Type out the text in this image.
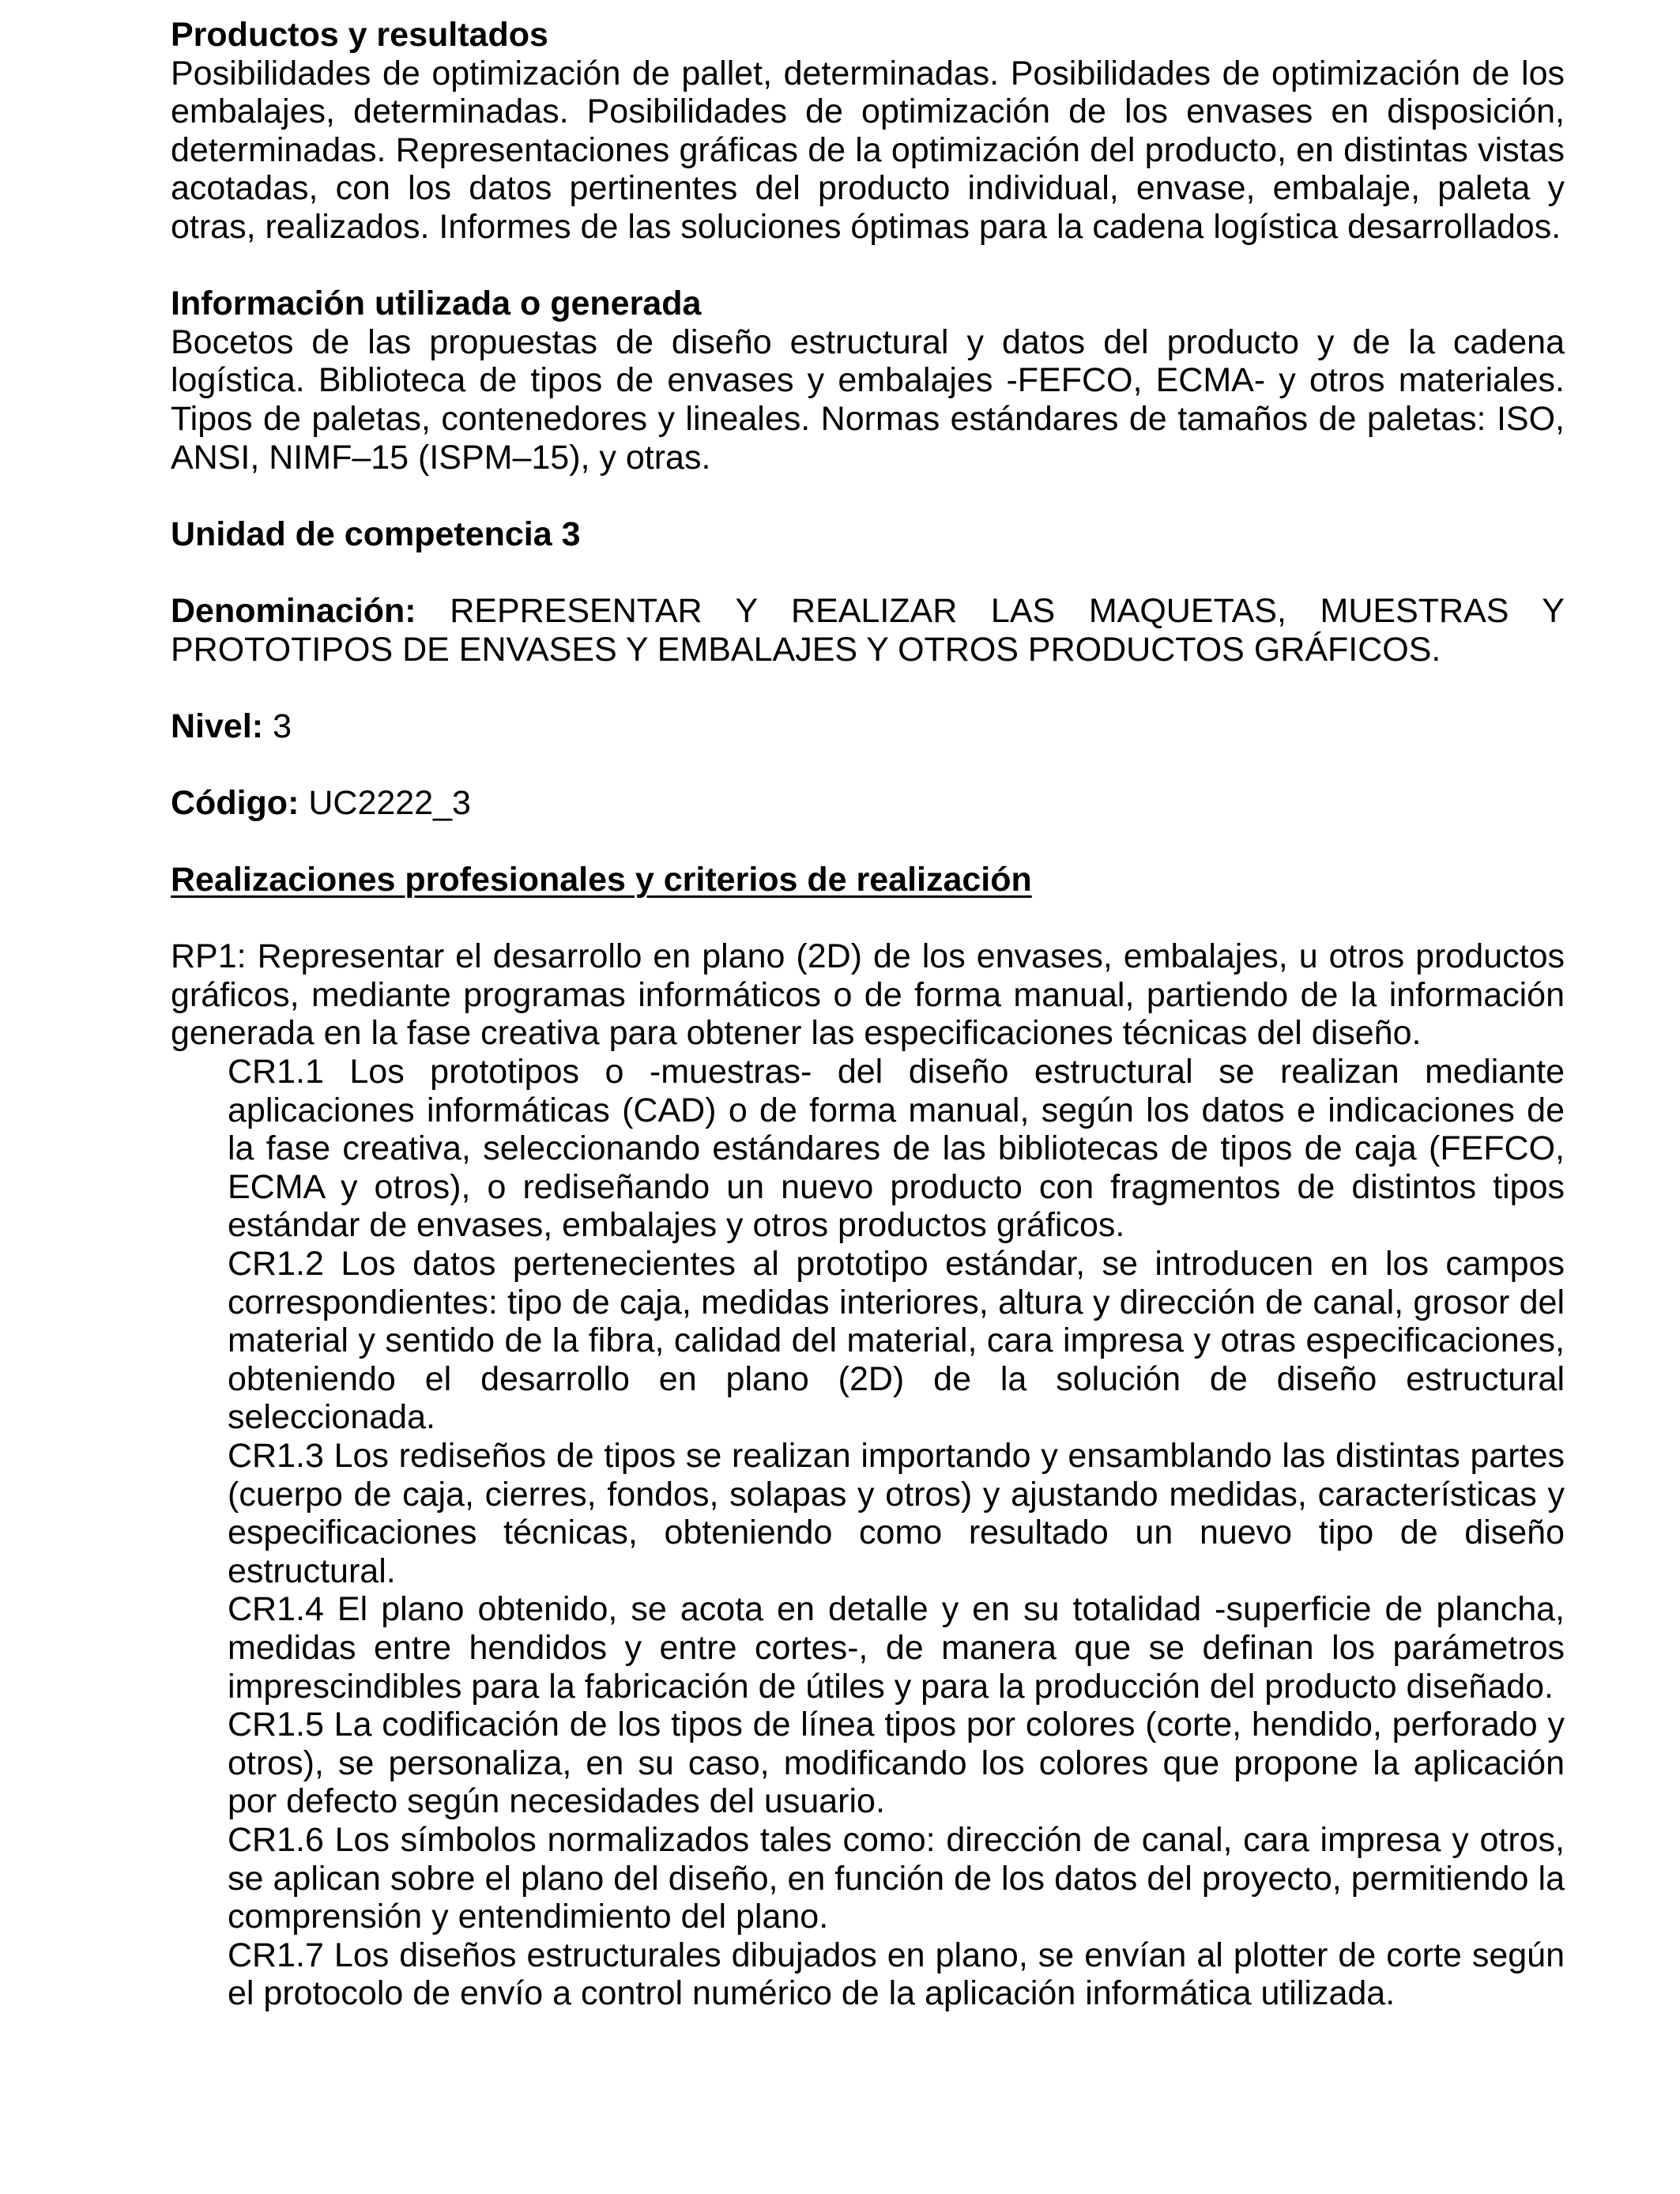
Productos y resultados

Posibilidades de optimización de pallet, determinadas. Posibilidades de optimización de los embalajes, determinadas. Posibilidades de optimización de los envases en disposición, determinadas. Representaciones gráficas de la optimización del producto, en distintas vistas acotadas, con los datos pertinentes del producto individual, envase, embalaje, paleta y otras, realizados. Informes de las soluciones óptimas para la cadena logística desarrollados.

Información utilizada o generada

Bocetos de las propuestas de diseño estructural y datos del producto y de la cadena logística. Biblioteca de tipos de envases y embalajes -FEFCO, ECMA- y otros materiales. Tipos de paletas, contenedores y lineales. Normas estándares de tamaños de paletas: ISO, ANSI, NIMF–15 (ISPM–15), y otras.

Unidad de competencia 3

Denominación: REPRESENTAR Y REALIZAR LAS MAQUETAS, MUESTRAS Y PROTOTIPOS DE ENVASES Y EMBALAJES Y OTROS PRODUCTOS GRÁFICOS.

Nivel: 3

Código: UC2222_3

Realizaciones profesionales y criterios de realización

RP1: Representar el desarrollo en plano (2D) de los envases, embalajes, u otros productos gráficos, mediante programas informáticos o de forma manual, partiendo de la información generada en la fase creativa para obtener las especificaciones técnicas del diseño.

CR1.1 Los prototipos o -muestras- del diseño estructural se realizan mediante aplicaciones informáticas (CAD) o de forma manual, según los datos e indicaciones de la fase creativa, seleccionando estándares de las bibliotecas de tipos de caja (FEFCO, ECMA y otros), o rediseñando un nuevo producto con fragmentos de distintos tipos estándar de envases, embalajes y otros productos gráficos.

CR1.2 Los datos pertenecientes al prototipo estándar, se introducen en los campos correspondientes: tipo de caja, medidas interiores, altura y dirección de canal, grosor del material y sentido de la fibra, calidad del material, cara impresa y otras especificaciones, obteniendo el desarrollo en plano (2D) de la solución de diseño estructural seleccionada.

CR1.3 Los rediseños de tipos se realizan importando y ensamblando las distintas partes (cuerpo de caja, cierres, fondos, solapas y otros) y ajustando medidas, características y especificaciones técnicas, obteniendo como resultado un nuevo tipo de diseño estructural.

CR1.4 El plano obtenido, se acota en detalle y en su totalidad -superficie de plancha, medidas entre hendidos y entre cortes-, de manera que se definan los parámetros imprescindibles para la fabricación de útiles y para la producción del producto diseñado.

CR1.5 La codificación de los tipos de línea tipos por colores (corte, hendido, perforado y otros), se personaliza, en su caso, modificando los colores que propone la aplicación por defecto según necesidades del usuario.

CR1.6 Los símbolos normalizados tales como: dirección de canal, cara impresa y otros, se aplican sobre el plano del diseño, en función de los datos del proyecto, permitiendo la comprensión y entendimiento del plano.

CR1.7 Los diseños estructurales dibujados en plano, se envían al plotter de corte según el protocolo de envío a control numérico de la aplicación informática utilizada.
